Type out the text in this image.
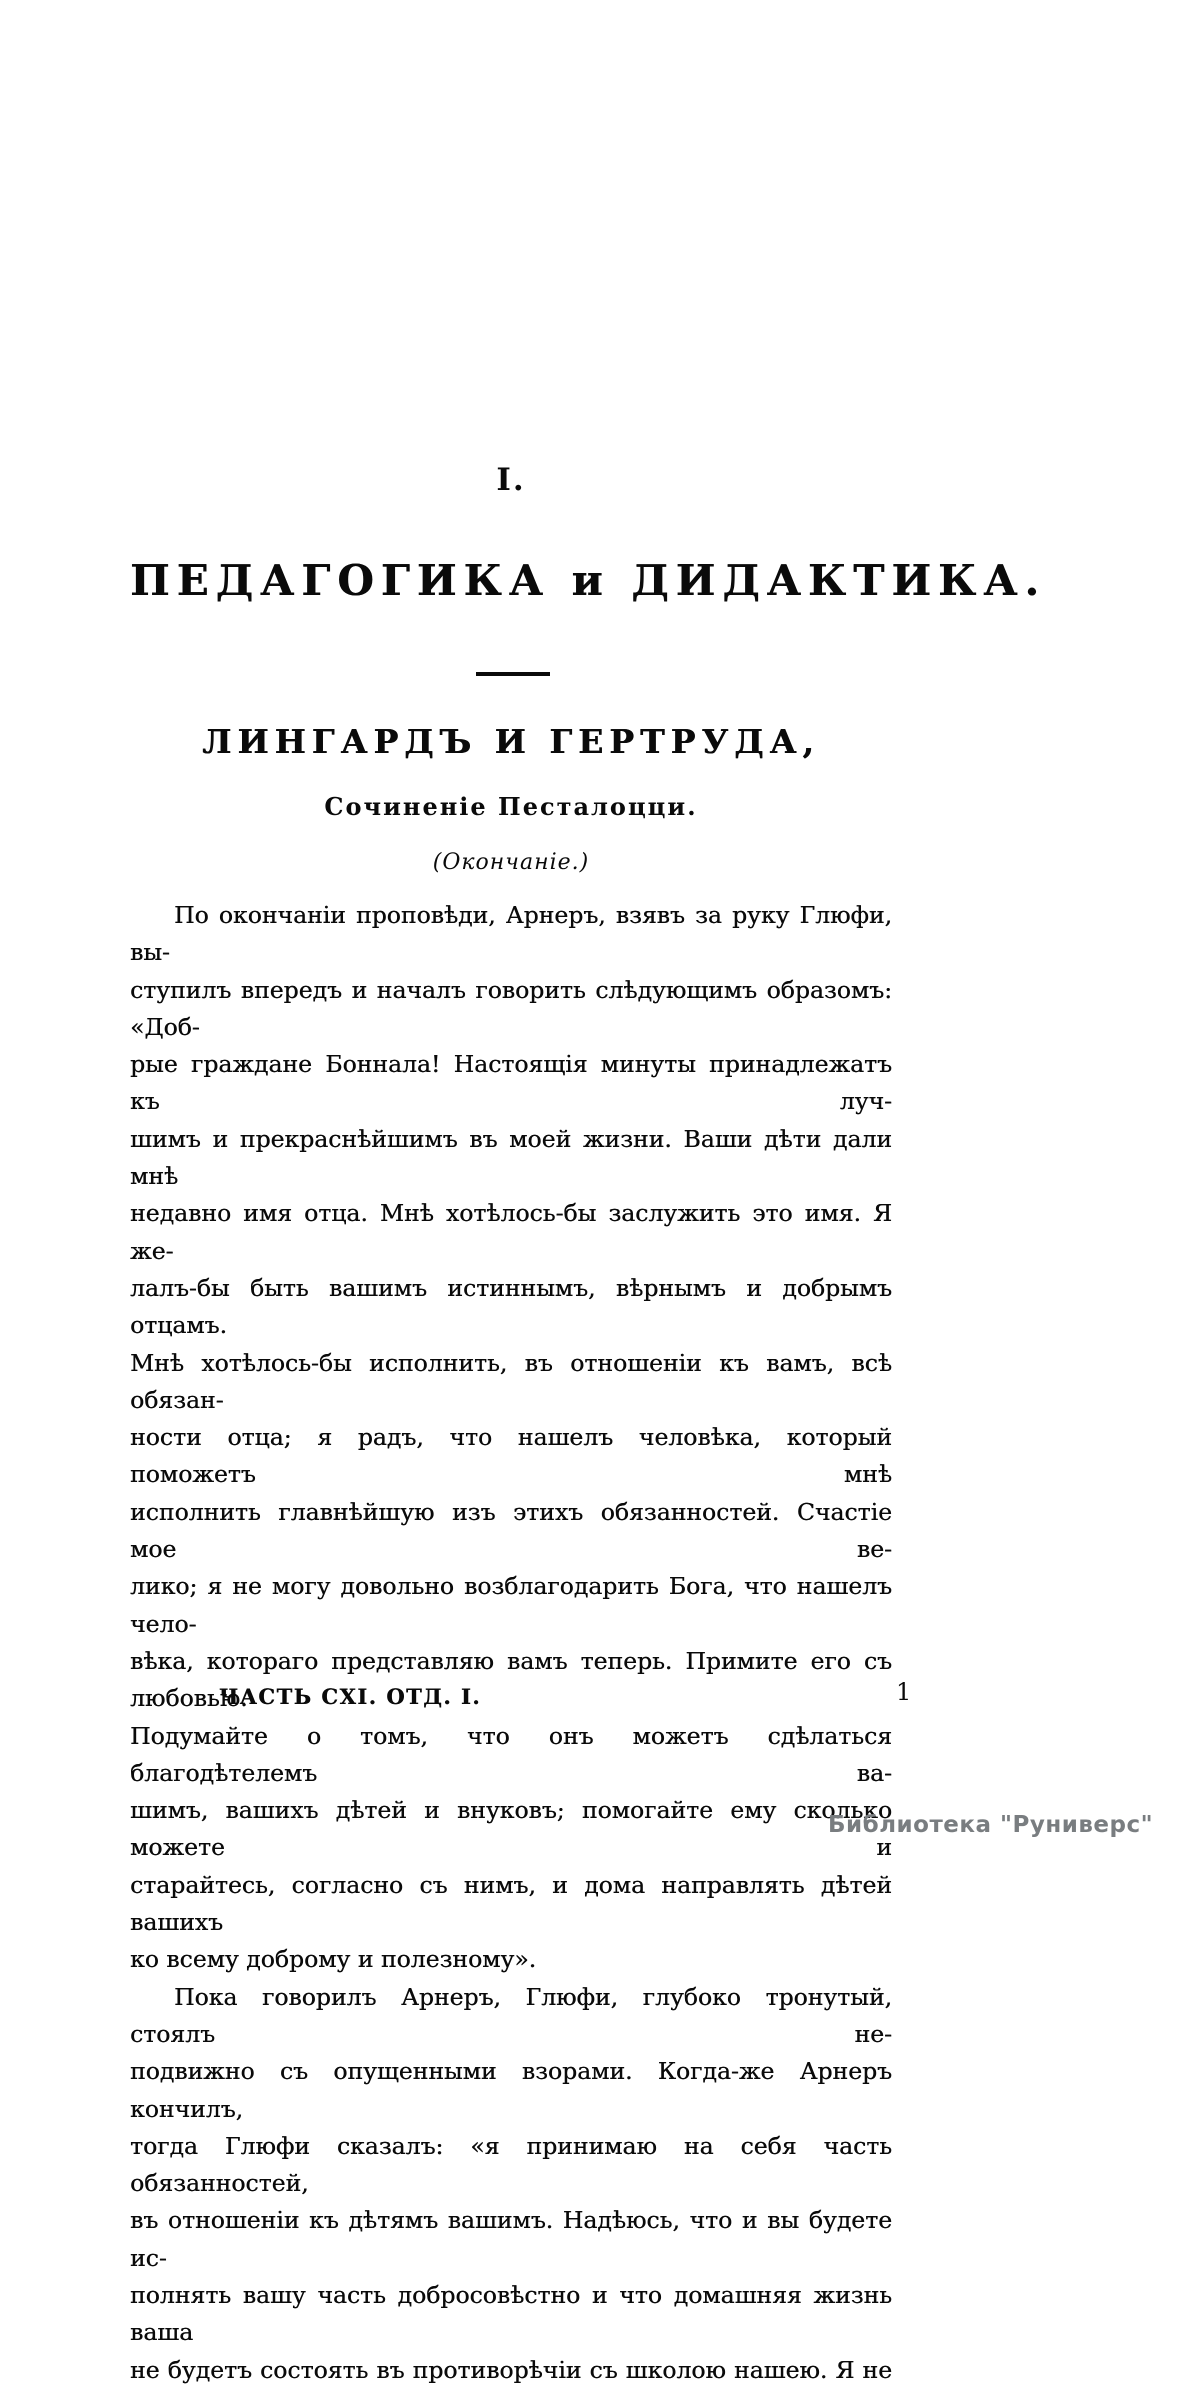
I.
ПЕДАГОГИКА и ДИДАКТИКА.
ЛИНГАРДЪ И ГЕРТРУДА,
Сочиненіе Песталоцци.
(Окончаніе.)
По окончаніи проповѣди, Арнеръ, взявъ за руку Глюфи, вы-
ступилъ впередъ и началъ говорить слѣдующимъ образомъ: «Доб-
рые граждане Боннала! Настоящія минуты принадлежатъ къ луч-
шимъ и прекраснѣйшимъ въ моей жизни. Ваши дѣти дали мнѣ
недавно имя отца. Мнѣ хотѣлось-бы заслужить это имя. Я же-
лалъ-бы быть вашимъ истиннымъ, вѣрнымъ и добрымъ отцамъ.
Мнѣ хотѣлось-бы исполнить, въ отношеніи къ вамъ, всѣ обязан-
ности отца; я радъ, что нашелъ человѣка, который поможетъ мнѣ
исполнить главнѣйшую изъ этихъ обязанностей. Счастіе мое ве-
лико; я не могу довольно возблагодарить Бога, что нашелъ чело-
вѣка, котораго представляю вамъ теперь. Примите его съ любовью.
Подумайте о томъ, что онъ можетъ сдѣлаться благодѣтелемъ ва-
шимъ, вашихъ дѣтей и внуковъ; помогайте ему сколько можете и
старайтесь, согласно съ нимъ, и дома направлять дѣтей вашихъ
ко всему доброму и полезному».
Пока говорилъ Арнеръ, Глюфи, глубоко тронутый, стоялъ не-
подвижно съ опущенными взорами. Когда-же Арнеръ кончилъ,
тогда Глюфи сказалъ: «я принимаю на себя часть обязанностей,
въ отношеніи къ дѣтямъ вашимъ. Надѣюсь, что и вы будете ис-
полнять вашу часть добросовѣстно и что домашняя жизнь ваша
не будетъ состоять въ противорѣчіи съ школою нашею. Я не
ЧАСТЬ CXI. ОТД. I.	1
Библиотека "Руниверс"
